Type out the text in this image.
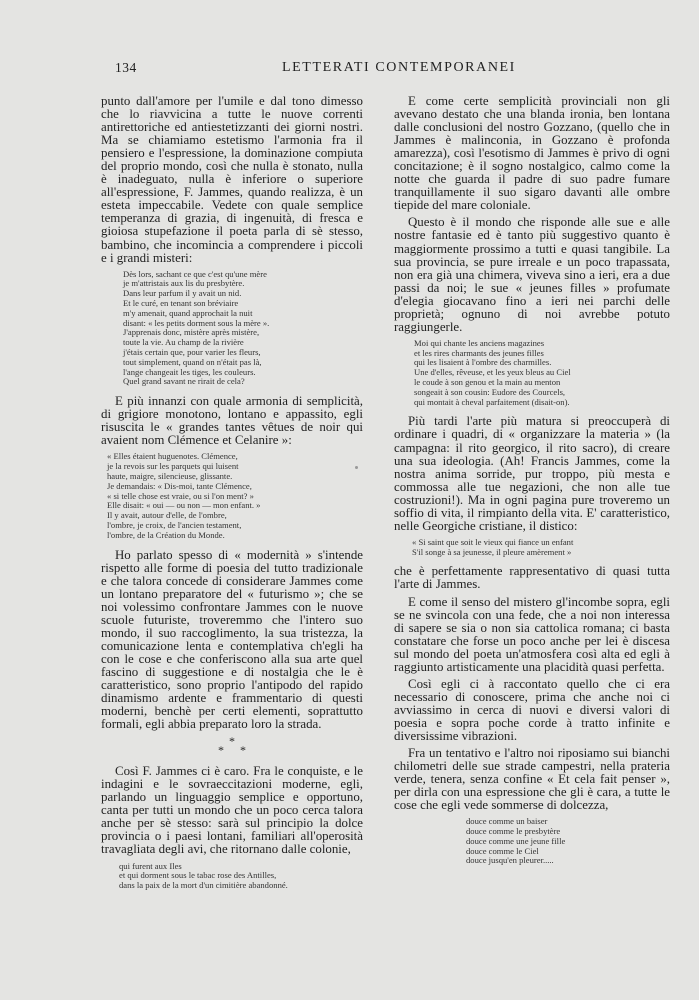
134	LETTERATI CONTEMPORANEI

punto dall'amore per l'umile e dal tono dimesso che lo riavvicina a tutte le nuove correnti antirettoriche ed antiestetizzanti dei giorni nostri. Ma se chiamiamo estetismo l'armonia fra il pensiero e l'espressione, la dominazione compiuta del proprio mondo, così che nulla è stonato, nulla è inadeguato, nulla è inferiore o superiore all'espressione, F. Jammes, quando realizza, è un esteta impeccabile. Vedete con quale semplice temperanza di grazia, di ingenuità, di fresca e gioiosa stupefazione il poeta parla di sè stesso, bambino, che incomincia a comprendere i piccoli e i grandi misteri:

Dès lors, sachant ce que c'est qu'une mère
je m'attristais aux lis du presbytère.
Dans leur parfum il y avait un nid.
Et le curé, en tenant son bréviaire
m'y amenait, quand approchait la nuit
disant: « les petits dorment sous la mère ».
J'apprenais donc, mistère après mistère,
toute la vie. Au champ de la rivière
j'étais certain que, pour varier les fleurs,
tout simplement, quand on n'était pas là,
l'ange changeait les tiges, les couleurs.
Quel grand savant ne rirait de cela?

E più innanzi con quale armonia di semplicità, di grigiore monotono, lontano e appassito, egli risuscita le « grandes tantes vêtues de noir qui avaient nom Clémence et Celanire »:

« Elles étaient huguenotes. Clémence,
je la revois sur les parquets qui luisent
haute, maigre, silencieuse, glissante.
Je demandais: « Dis-moi, tante Clémence,
« si telle chose est vraie, ou si l'on ment? »
Elle disait: « oui — ou non — mon enfant. »
Il y avait, autour d'elle, de l'ombre,
l'ombre, je croix, de l'ancien testament,
l'ombre, de la Création du Monde.

Ho parlato spesso di « modernità » s'intende rispetto alle forme di poesia del tutto tradizionale e che talora concede di considerare Jammes come un lontano preparatore del « futurismo »; che se noi volessimo confrontare Jammes con le nuove scuole futuriste, troveremmo che l'intero suo mondo, il suo raccoglimento, la sua tristezza, la comunicazione lenta e contemplativa ch'egli ha con le cose e che conferiscono alla sua arte quel fascino di suggestione e di nostalgia che le è caratteristico, sono proprio l'antipodo del rapido dinamismo ardente e frammentario di questi moderni, benchè per certi elementi, soprattutto formali, egli abbia preparato loro la strada.

*
* *

Così F. Jammes ci è caro. Fra le conquiste, e le indagini e le sovraeccitazioni moderne, egli, parlando un linguaggio semplice e opportuno, canta per tutti un mondo che un poco cerca talora anche per sè stesso: sarà sul principio la dolce provincia o i paesi lontani, familiari all'operosità travagliata degli avi, che ritornano dalle colonie,

qui furent aux Iles
et qui dorment sous le tabac rose des Antilles,
dans la paix de la mort d'un cimitière abandonné.

E come certe semplicità provinciali non gli avevano destato che una blanda ironia, ben lontana dalle conclusioni del nostro Gozzano, (quello che in Jammes è malinconia, in Gozzano è profonda amarezza), così l'esotismo di Jammes è privo di ogni concitazione; è il sogno nostalgico, calmo come la notte che guarda il padre di suo padre fumare tranquillamente il suo sigaro davanti alle ombre tiepide del mare coloniale.

Questo è il mondo che risponde alle sue e alle nostre fantasie ed è tanto più suggestivo quanto è maggiormente prossimo a tutti e quasi tangibile. La sua provincia, se pure irreale e un poco trapassata, non era già una chimera, viveva sino a ieri, era a due passi da noi; le sue « jeunes filles » profumate d'elegia giocavano fino a ieri nei parchi delle proprietà; ognuno di noi avrebbe potuto raggiungerle.

Moi qui chante les anciens magazines
et les rires charmants des jeunes filles
qui les lisaient à l'ombre des charmilles.
Une d'elles, rêveuse, et les yeux bleus au Ciel
le coude à son genou et la main au menton
songeait à son cousin: Eudore des Courcels,
qui montait à cheval parfaitement (disait-on).

Più tardi l'arte più matura si preoccuperà di ordinare i quadri, di « organizzare la materia » (la campagna: il rito georgico, il rito sacro), di creare una sua ideologia. (Ah! Francis Jammes, come la nostra anima sorride, pur troppo, più mesta e commossa alle tue negazioni, che non alle tue costruzioni!). Ma in ogni pagina pure troveremo un soffio di vita, il rimpianto della vita. E' caratteristico, nelle Georgiche cristiane, il distico:

« Si saint que soit le vieux qui fiance un enfant
S'il songe à sa jeunesse, il pleure amèrement »

che è perfettamente rappresentativo di quasi tutta l'arte di Jammes.

E come il senso del mistero gl'incombe sopra, egli se ne svincola con una fede, che a noi non interessa di sapere se sia o non sia cattolica romana; ci basta constatare che forse un poco anche per lei è discesa sul mondo del poeta un'atmosfera così alta ed egli à raggiunto artisticamente una placidità quasi perfetta.

Così egli ci à raccontato quello che ci era necessario di conoscere, prima che anche noi ci avviassimo in cerca di nuovi e diversi valori di poesia e sopra poche corde à tratto infinite e diversissime vibrazioni.

Fra un tentativo e l'altro noi riposiamo sui bianchi chilometri delle sue strade campestri, nella prateria verde, tenera, senza confine « Et cela fait penser », per dirla con una espressione che gli è cara, a tutte le cose che egli vede sommerse di dolcezza,

douce comme un baiser
douce comme le presbytère
douce comme une jeune fille
douce comme le Ciel
douce jusqu'en pleurer.....
